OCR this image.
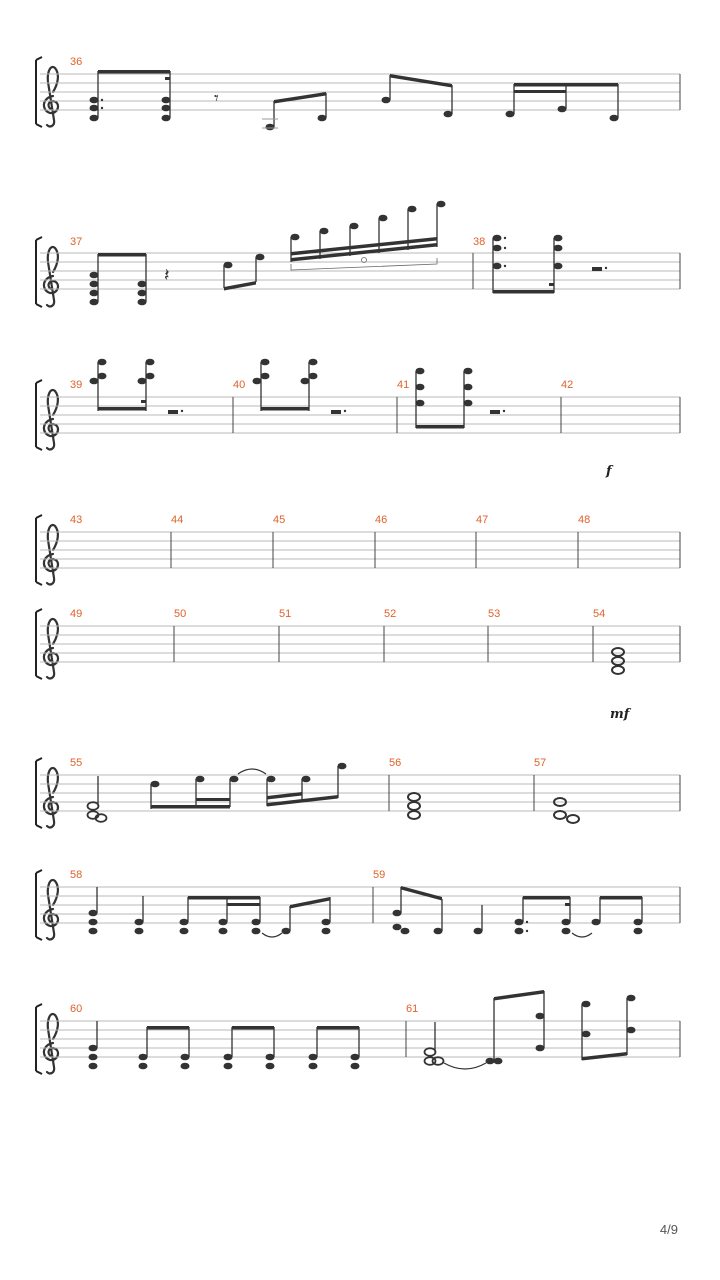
36
𝄾
37	38
𝄽
39	40	41	42
f
43	44	45	46	47	48
49	50	51	52	53	54
mf
55	56	57
58	59
60	61
4/9
